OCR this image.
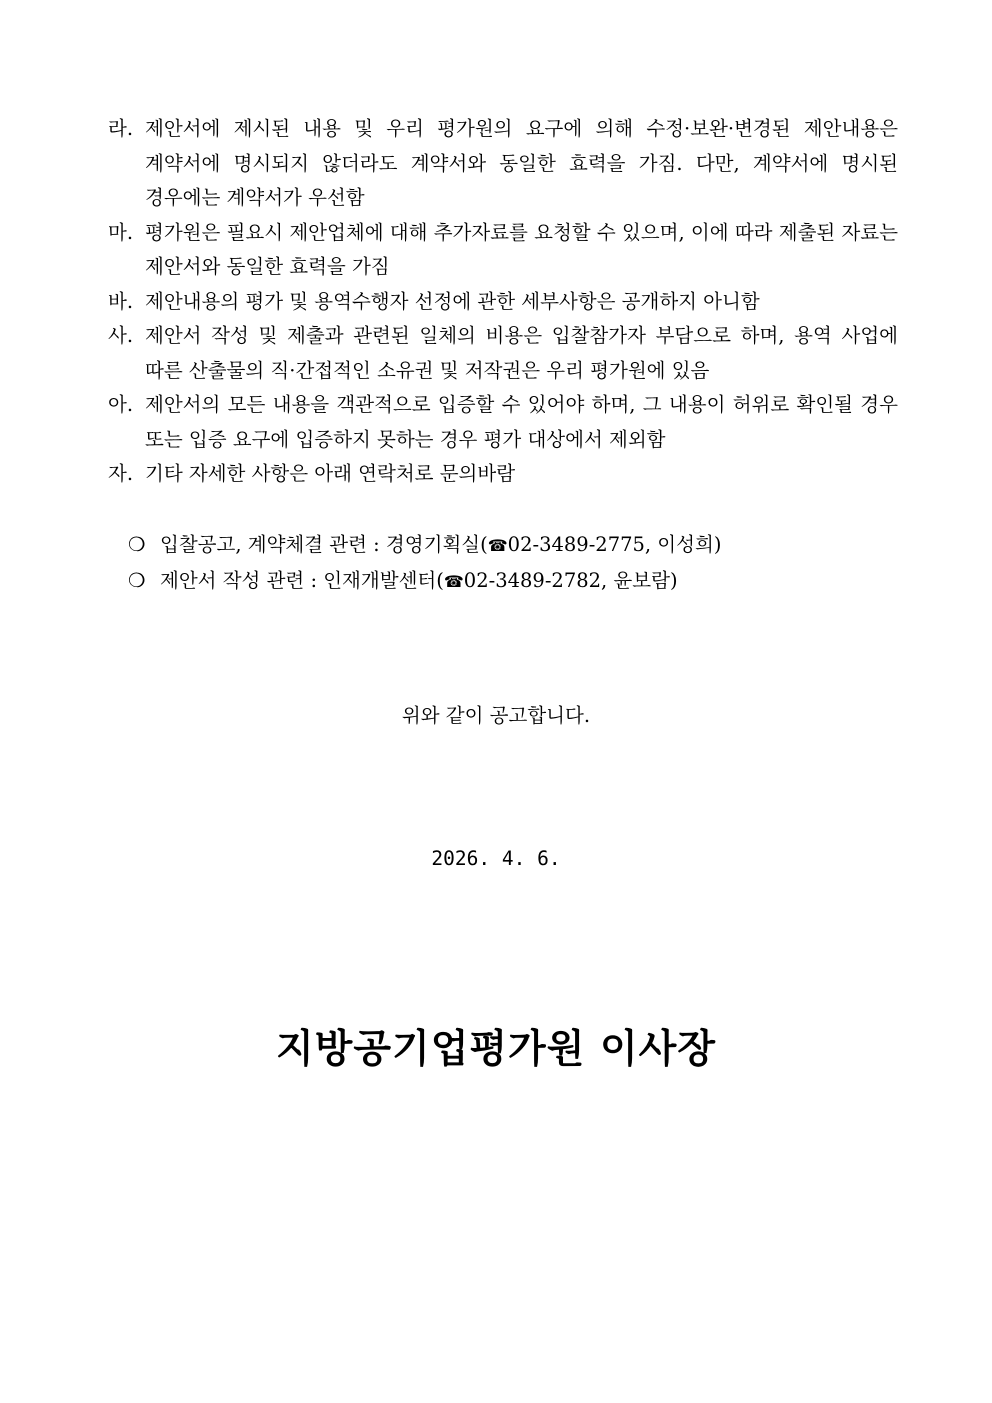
라. 제안서에 제시된 내용 및 우리 평가원의 요구에 의해 수정·보완·변경된 제안내용은 계약서에 명시되지 않더라도 계약서와 동일한 효력을 가짐. 다만, 계약서에 명시된 경우에는 계약서가 우선함
마. 평가원은 필요시 제안업체에 대해 추가자료를 요청할 수 있으며, 이에 따라 제출된 자료는 제안서와 동일한 효력을 가짐
바. 제안내용의 평가 및 용역수행자 선정에 관한 세부사항은 공개하지 아니함
사. 제안서 작성 및 제출과 관련된 일체의 비용은 입찰참가자 부담으로 하며, 용역 사업에 따른 산출물의 직·간접적인 소유권 및 저작권은 우리 평가원에 있음
아. 제안서의 모든 내용을 객관적으로 입증할 수 있어야 하며, 그 내용이 허위로 확인될 경우 또는 입증 요구에 입증하지 못하는 경우 평가 대상에서 제외함
자. 기타 자세한 사항은 아래 연락처로 문의바람
❍ 입찰공고, 계약체결 관련 : 경영기획실(☎02-3489-2775, 이성희)
❍ 제안서 작성 관련 : 인재개발센터(☎02-3489-2782, 윤보람)
위와 같이 공고합니다.
2026. 4. 6.
지방공기업평가원 이사장
